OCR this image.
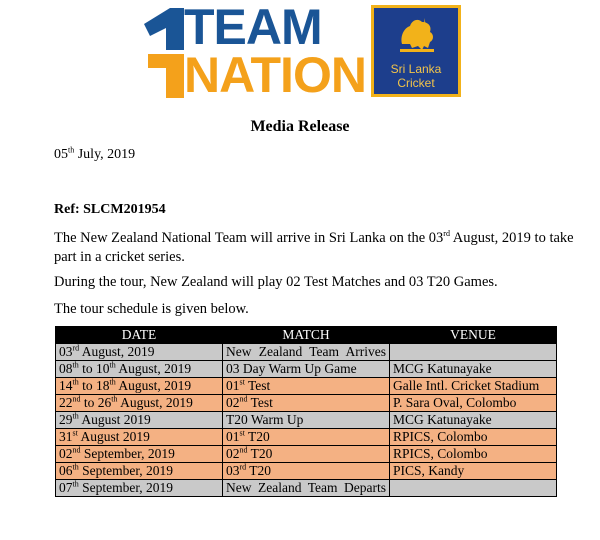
TEAM
NATION	Sri Lanka
Cricket
Media Release
05th July, 2019
Ref: SLCM201954
The New Zealand National Team will arrive in Sri Lanka on the 03rd August, 2019 to take part in a cricket series.
During the tour, New Zealand will play 02 Test Matches and 03 T20 Games.
The tour schedule is given below.
DATE	MATCH	VENUE
03rd August, 2019	New Zealand Team Arrives	
08th to 10th August, 2019	03 Day Warm Up Game	MCG Katunayake
14th to 18th August, 2019	01st Test	Galle Intl. Cricket Stadium
22nd to 26th August, 2019	02nd Test	P. Sara Oval, Colombo
29th August 2019	T20 Warm Up	MCG Katunayake
31st August 2019	01st T20	RPICS, Colombo
02nd September, 2019	02nd T20	RPICS, Colombo
06th September, 2019	03rd T20	PICS, Kandy
07th September, 2019	New Zealand Team Departs	
